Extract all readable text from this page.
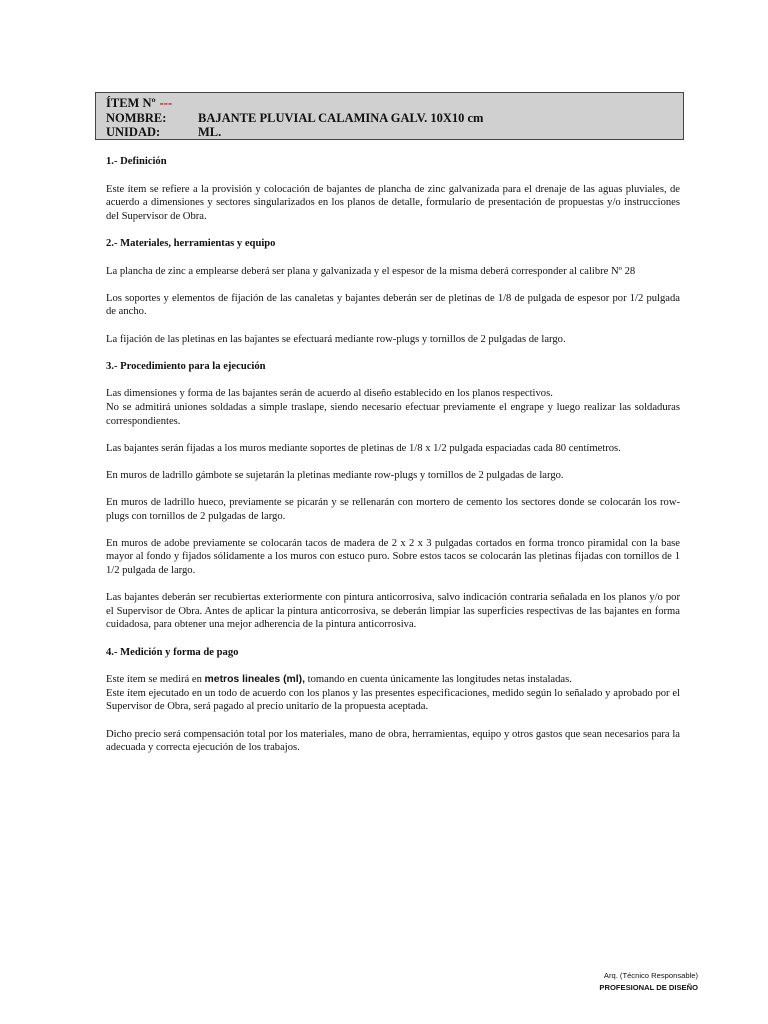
ÍTEM Nº ---
NOMBRE:	BAJANTE PLUVIAL CALAMINA GALV. 10X10 cm
UNIDAD:	ML.
1.- Definición

Este ítem se refiere a la provisión y colocación de bajantes de plancha de zinc galvanizada para el drenaje de las aguas pluviales, de acuerdo a dimensiones y sectores singularizados en los planos de detalle, formulario de presentación de propuestas y/o instrucciones del Supervisor de Obra.

2.- Materiales, herramientas y equipo

La plancha de zinc a emplearse deberá ser plana y galvanizada y el espesor de la misma deberá corresponder al calibre Nº 28

Los soportes y elementos de fijación de las canaletas y bajantes deberán ser de pletinas de 1/8 de pulgada de espesor por 1/2 pulgada de ancho.

La fijación de las pletinas en las bajantes se efectuará mediante row-plugs y tornillos de 2 pulgadas de largo.

3.- Procedimiento para la ejecución

Las dimensiones y forma de las bajantes serán de acuerdo al diseño establecido en los planos respectivos.

No se admitirá uniones soldadas a simple traslape, siendo necesario efectuar previamente el engrape y luego realizar las soldaduras correspondientes.

Las bajantes serán fijadas a los muros mediante soportes de pletinas de 1/8 x 1/2 pulgada espaciadas cada 80 centímetros.

En muros de ladrillo gámbote se sujetarán la pletinas mediante row-plugs y tornillos de 2 pulgadas de largo.

En muros de ladrillo hueco, previamente se picarán y se rellenarán con mortero de cemento los sectores donde se colocarán los row-plugs con tornillos de 2 pulgadas de largo.

En muros de adobe previamente se colocarán tacos de madera de 2 x 2 x 3 pulgadas cortados en forma tronco piramidal con la base mayor al fondo y fijados sólidamente a los muros con estuco puro. Sobre estos tacos se colocarán las pletinas fijadas con tornillos de 1 1/2 pulgada de largo.

Las bajantes deberán ser recubiertas exteriormente con pintura anticorrosiva, salvo indicación contraria señalada en los planos y/o por el Supervisor de Obra. Antes de aplicar la pintura anticorrosiva, se deberán limpiar las superficies respectivas de las bajantes en forma cuidadosa, para obtener una mejor adherencia de la pintura anticorrosiva.

4.- Medición y forma de pago

Este ítem se medirá en metros lineales (ml), tomando en cuenta únicamente las longitudes netas instaladas.

Este ítem ejecutado en un todo de acuerdo con los planos y las presentes especificaciones, medido según lo señalado y aprobado por el Supervisor de Obra, será pagado al precio unitario de la propuesta aceptada.

Dicho precio será compensación total por los materiales, mano de obra, herramientas, equipo y otros gastos que sean necesarios para la adecuada y correcta ejecución de los trabajos.

Arq. (Técnico Responsable)
PROFESIONAL DE DISEÑO
